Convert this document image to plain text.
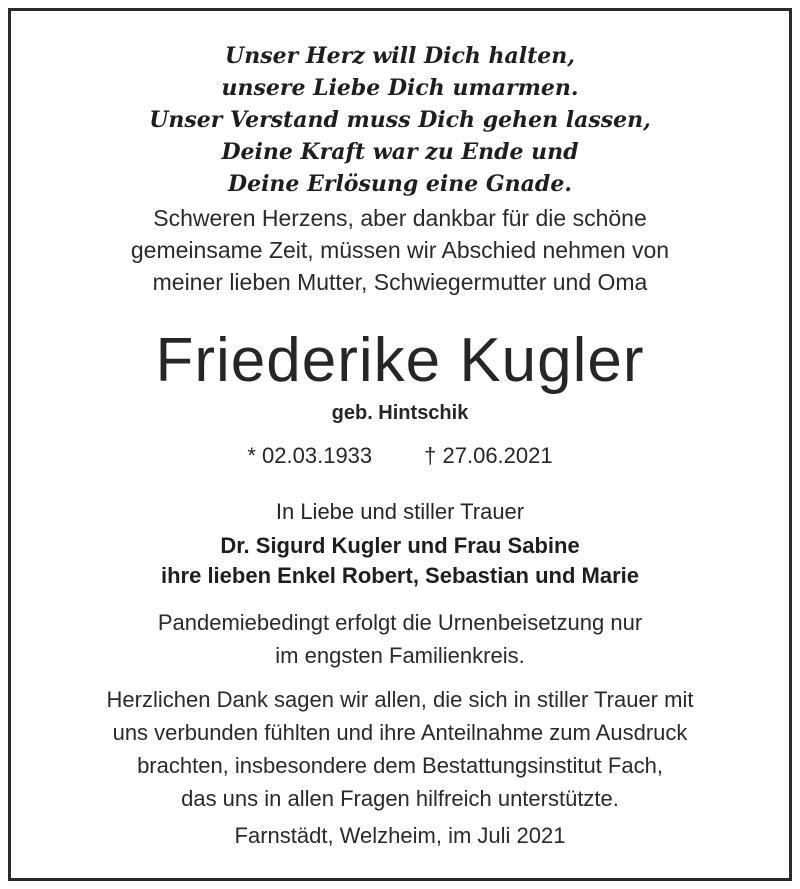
Unser Herz will Dich halten,
unsere Liebe Dich umarmen.
Unser Verstand muss Dich gehen lassen,
Deine Kraft war zu Ende und
Deine Erlösung eine Gnade.
Schweren Herzens, aber dankbar für die schöne
gemeinsame Zeit, müssen wir Abschied nehmen von
meiner lieben Mutter, Schwiegermutter und Oma
Friederike Kugler
geb. Hintschik
* 02.03.1933 † 27.06.2021
In Liebe und stiller Trauer
Dr. Sigurd Kugler und Frau Sabine
ihre lieben Enkel Robert, Sebastian und Marie
Pandemiebedingt erfolgt die Urnenbeisetzung nur
im engsten Familienkreis.
Herzlichen Dank sagen wir allen, die sich in stiller Trauer mit
uns verbunden fühlten und ihre Anteilnahme zum Ausdruck
brachten, insbesondere dem Bestattungsinstitut Fach,
das uns in allen Fragen hilfreich unterstützte.
Farnstädt, Welzheim, im Juli 2021
